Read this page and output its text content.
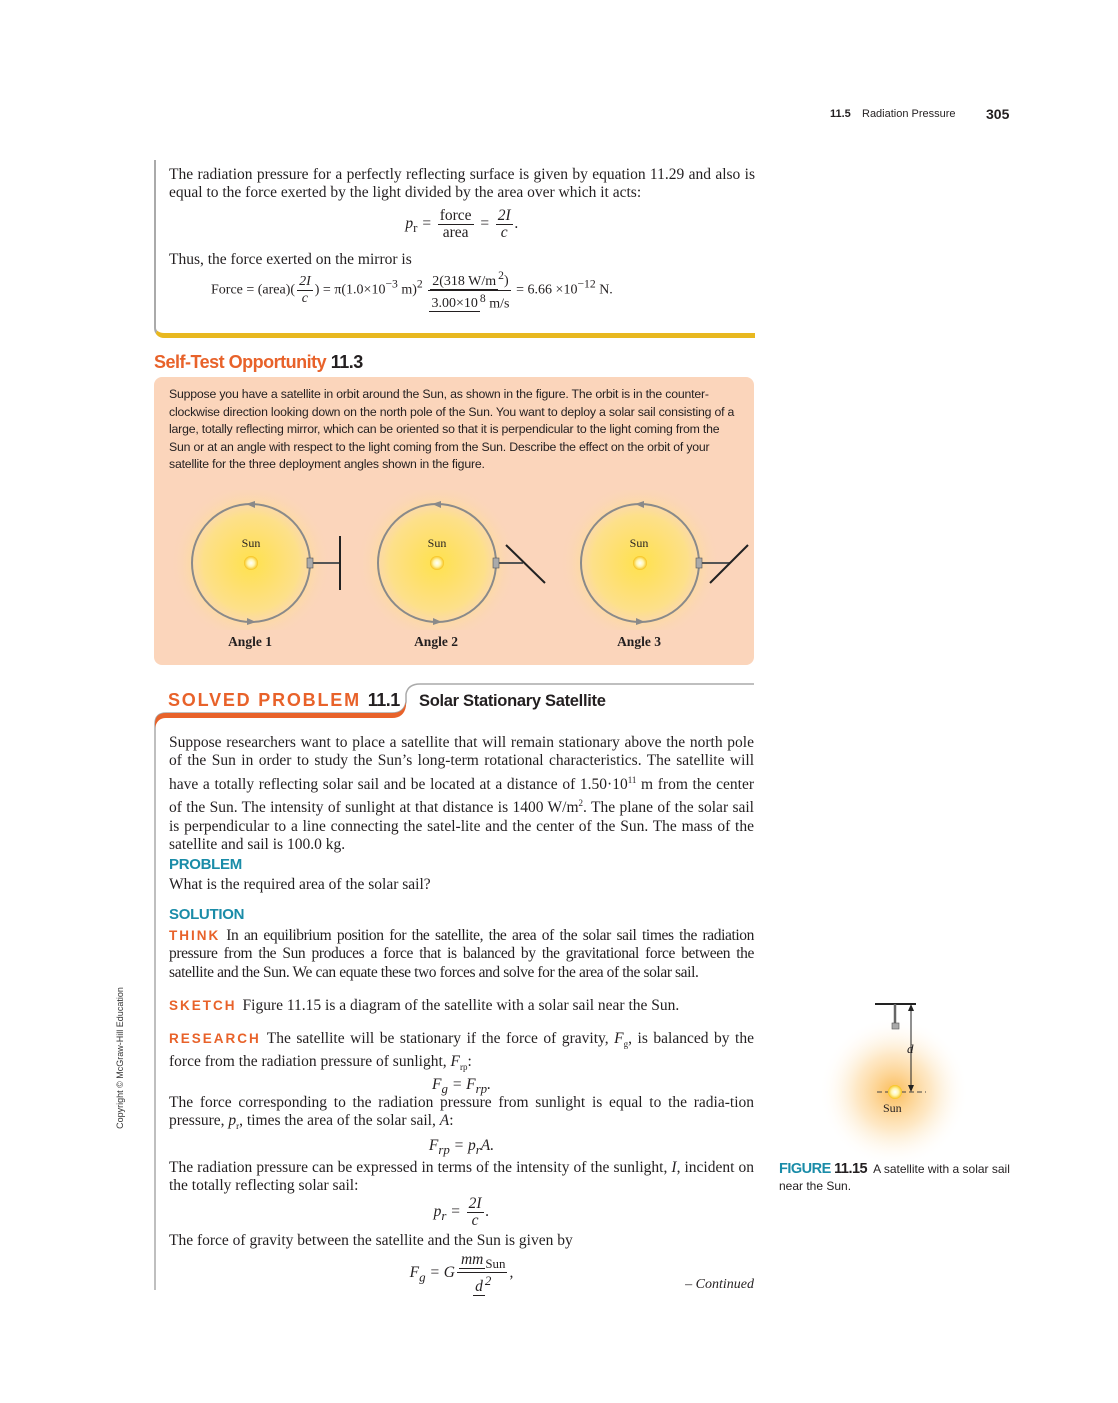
11.5 Radiation Pressure 305
The radiation pressure for a perfectly reflecting surface is given by equation 11.29 and also is equal to the force exerted by the light divided by the area over which it acts:
$p_r = \frac{\text{force}}{\text{area}} = \frac{2I}{c}$ .
Thus, the force exerted on the mirror is
Force = (area)( $\frac{2I}{c}$ ) = $\pi(1.0\times 10^{-3}$ $m)^2 \frac{2(318 W/m ^2)}{3.00\times 10 ^8 m/s} = 6.66 \times 10^{-12}$ N.
Self-Test Opportunity 11.3
Suppose you have a satellite in orbit around the Sun, as shown in the figure. The orbit is in the counter-clockwise direction looking down on the north pole of the Sun. You want to deploy a solar sail consisting of a large, totally reflecting mirror, which can be oriented so that it is perpendicular to the light coming from the Sun or at an angle with respect to the light coming from the Sun. Describe the effect on the orbit of your satellite for the three deployment angles shown in the figure.
Sun	Sun	Sun
Angle 1	Angle 2	Angle 3
SOLVED PROBLEM 11.1 Solar Stationary Satellite
Suppose researchers want to place a satellite that will remain stationary above the north pole of the Sun in order to study the Sun’s long-term rotational characteristics. The satellite will have a totally reflecting solar sail and be located at a distance of $1.50\cdot 10^{11}$ m from the center of the Sun. The intensity of sunlight at that distance is 1400 $W/m^2$. The plane of the solar sail is perpendicular to a line connecting the satel-lite and the center of the Sun. The mass of the satellite and sail is 100.0 kg.
PROBLEM
What is the required area of the solar sail?
SOLUTION
THINK In an equilibrium position for the satellite, the area of the solar sail times the radiation pressure from the Sun produces a force that is balanced by the gravitational force between the satellite and the Sun. We can equate these two forces and solve for the area of the solar sail.
SKETCH Figure 11.15 is a diagram of the satellite with a solar sail near the Sun.
RESEARCH The satellite will be stationary if the force of gravity, $F_g$, is balanced by the force from the radiation pressure of sunlight, $F_{rp}$:
$F_g = F_{rp}$.
The force corresponding to the radiation pressure from sunlight is equal to the radia-tion pressure, $p_r$, times the area of the solar sail, A:
$F_{rp} = p_rA$.
The radiation pressure can be expressed in terms of the intensity of the sunlight, I, incident on the totally reflecting solar sail:
$p_r = \frac{2I}{c}$ .
The force of gravity between the satellite and the Sun is given by
$F_g = G \frac{mm _{Sun}}{d ^2}$ ,
– Continued
d
Sun
FIGURE 11.15 A satellite with a solar sail near the Sun.
Copyright © McGraw-Hill Education
